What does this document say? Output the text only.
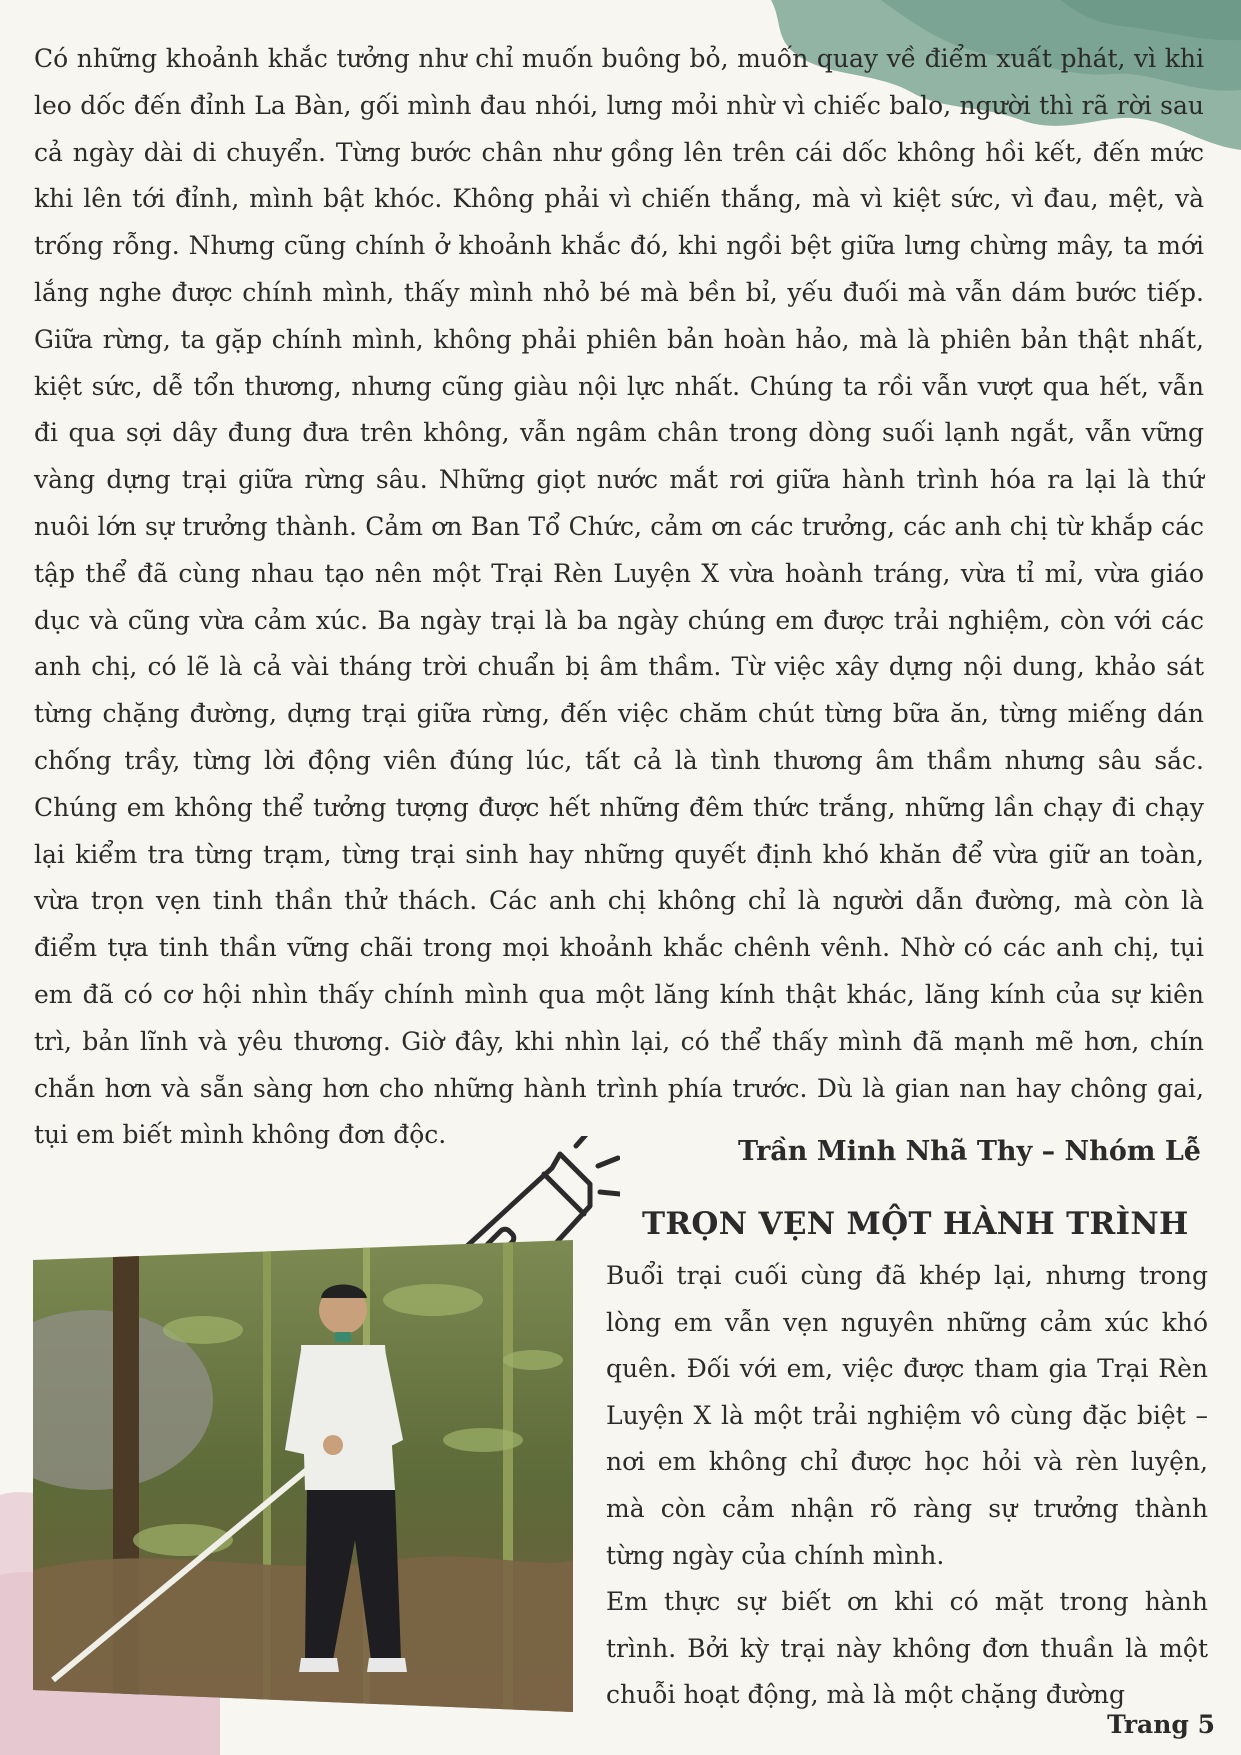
Có những khoảnh khắc tưởng như chỉ muốn buông bỏ, muốn quay về điểm xuất phát, vì khi leo dốc đến đỉnh La Bàn, gối mình đau nhói, lưng mỏi nhừ vì chiếc balo, người thì rã rời sau cả ngày dài di chuyển. Từng bước chân như gồng lên trên cái dốc không hồi kết, đến mức khi lên tới đỉnh, mình bật khóc. Không phải vì chiến thắng, mà vì kiệt sức, vì đau, mệt, và trống rỗng. Nhưng cũng chính ở khoảnh khắc đó, khi ngồi bệt giữa lưng chừng mây, ta mới lắng nghe được chính mình, thấy mình nhỏ bé mà bền bỉ, yếu đuối mà vẫn dám bước tiếp. Giữa rừng, ta gặp chính mình, không phải phiên bản hoàn hảo, mà là phiên bản thật nhất, kiệt sức, dễ tổn thương, nhưng cũng giàu nội lực nhất. Chúng ta rồi vẫn vượt qua hết, vẫn đi qua sợi dây đung đưa trên không, vẫn ngâm chân trong dòng suối lạnh ngắt, vẫn vững vàng dựng trại giữa rừng sâu. Những giọt nước mắt rơi giữa hành trình hóa ra lại là thứ nuôi lớn sự trưởng thành. Cảm ơn Ban Tổ Chức, cảm ơn các trưởng, các anh chị từ khắp các tập thể đã cùng nhau tạo nên một Trại Rèn Luyện X vừa hoành tráng, vừa tỉ mỉ, vừa giáo dục và cũng vừa cảm xúc. Ba ngày trại là ba ngày chúng em được trải nghiệm, còn với các anh chị, có lẽ là cả vài tháng trời chuẩn bị âm thầm. Từ việc xây dựng nội dung, khảo sát từng chặng đường, dựng trại giữa rừng, đến việc chăm chút từng bữa ăn, từng miếng dán chống trầy, từng lời động viên đúng lúc, tất cả là tình thương âm thầm nhưng sâu sắc. Chúng em không thể tưởng tượng được hết những đêm thức trắng, những lần chạy đi chạy lại kiểm tra từng trạm, từng trại sinh hay những quyết định khó khăn để vừa giữ an toàn, vừa trọn vẹn tinh thần thử thách. Các anh chị không chỉ là người dẫn đường, mà còn là điểm tựa tinh thần vững chãi trong mọi khoảnh khắc chênh vênh. Nhờ có các anh chị, tụi em đã có cơ hội nhìn thấy chính mình qua một lăng kính thật khác, lăng kính của sự kiên trì, bản lĩnh và yêu thương. Giờ đây, khi nhìn lại, có thể thấy mình đã mạnh mẽ hơn, chín chắn hơn và sẵn sàng hơn cho những hành trình phía trước. Dù là gian nan hay chông gai, tụi em biết mình không đơn độc.

Trần Minh Nhã Thy – Nhóm Lễ

TRỌN VẸN MỘT HÀNH TRÌNH

Buổi trại cuối cùng đã khép lại, nhưng trong lòng em vẫn vẹn nguyên những cảm xúc khó quên. Đối với em, việc được tham gia Trại Rèn Luyện X là một trải nghiệm vô cùng đặc biệt – nơi em không chỉ được học hỏi và rèn luyện, mà còn cảm nhận rõ ràng sự trưởng thành từng ngày của chính mình.

Em thực sự biết ơn khi có mặt trong hành trình. Bởi kỳ trại này không đơn thuần là một chuỗi hoạt động, mà là một chặng đường

Trang 5
